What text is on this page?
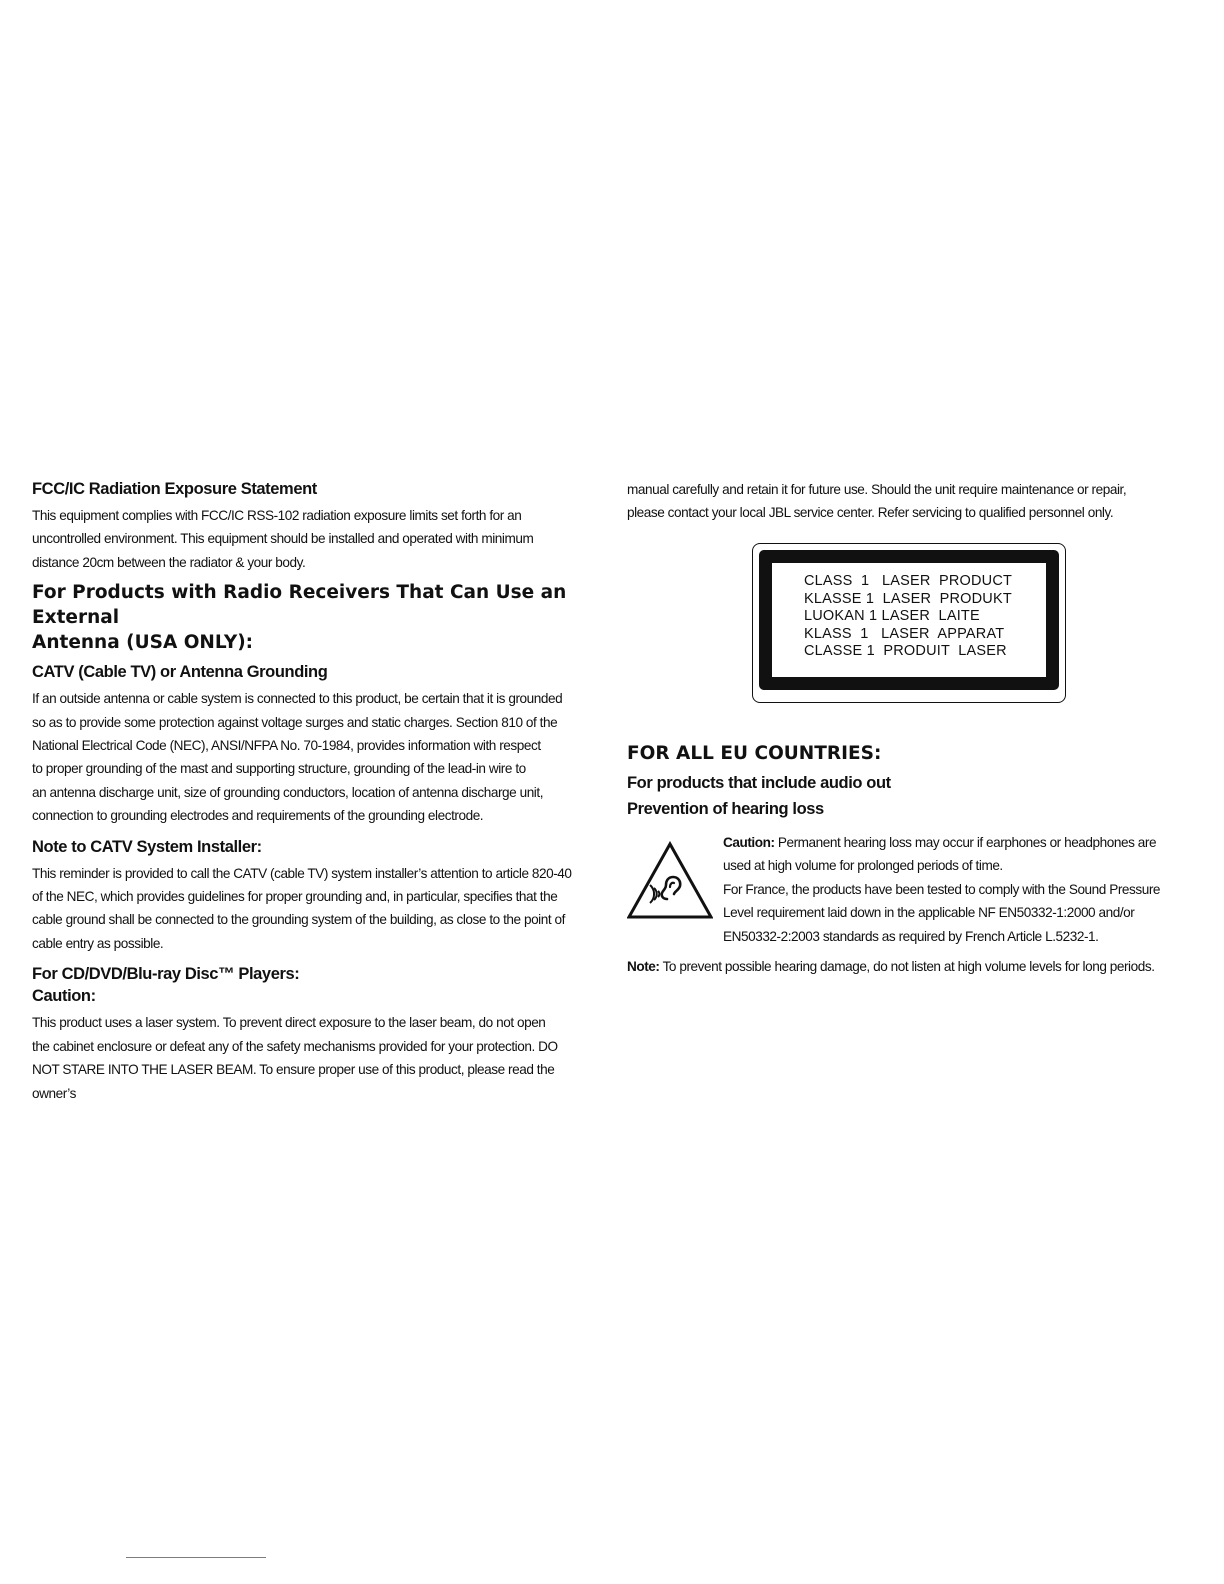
FCC/IC Radiation Exposure Statement

This equipment complies with FCC/IC RSS-102 radiation exposure limits set forth for an
uncontrolled environment. This equipment should be installed and operated with minimum
distance 20cm between the radiator & your body.

For Products with Radio Receivers That Can Use an External
Antenna (USA ONLY):

CATV (Cable TV) or Antenna Grounding

If an outside antenna or cable system is connected to this product, be certain that it is grounded
so as to provide some protection against voltage surges and static charges. Section 810 of the
National Electrical Code (NEC), ANSI/NFPA No. 70-1984, provides information with respect
to proper grounding of the mast and supporting structure, grounding of the lead-in wire to
an antenna discharge unit, size of grounding conductors, location of antenna discharge unit,
connection to grounding electrodes and requirements of the grounding electrode.

Note to CATV System Installer:

This reminder is provided to call the CATV (cable TV) system installer’s attention to article 820-40
of the NEC, which provides guidelines for proper grounding and, in particular, specifies that the
cable ground shall be connected to the grounding system of the building, as close to the point of
cable entry as possible.

For CD/DVD/Blu-ray Disc™ Players:

Caution:

This product uses a laser system. To prevent direct exposure to the laser beam, do not open
the cabinet enclosure or defeat any of the safety mechanisms provided for your protection. DO
NOT STARE INTO THE LASER BEAM. To ensure proper use of this product, please read the owner’s

manual carefully and retain it for future use. Should the unit require maintenance or repair,
please contact your local JBL service center. Refer servicing to qualified personnel only.

CLASS  1   LASER  PRODUCT
KLASSE 1  LASER  PRODUKT
LUOKAN 1 LASER  LAITE
KLASS  1   LASER  APPARAT
CLASSE 1  PRODUIT  LASER

FOR ALL EU COUNTRIES:

For products that include audio out

Prevention of hearing loss

Caution: Permanent hearing loss may occur if earphones or headphones are
used at high volume for prolonged periods of time.
For France, the products have been tested to comply with the Sound Pressure
Level requirement laid down in the applicable NF EN50332-1:2000 and/or
EN50332-2:2003 standards as required by French Article L.5232-1.

Note: To prevent possible hearing damage, do not listen at high volume levels for long periods.
